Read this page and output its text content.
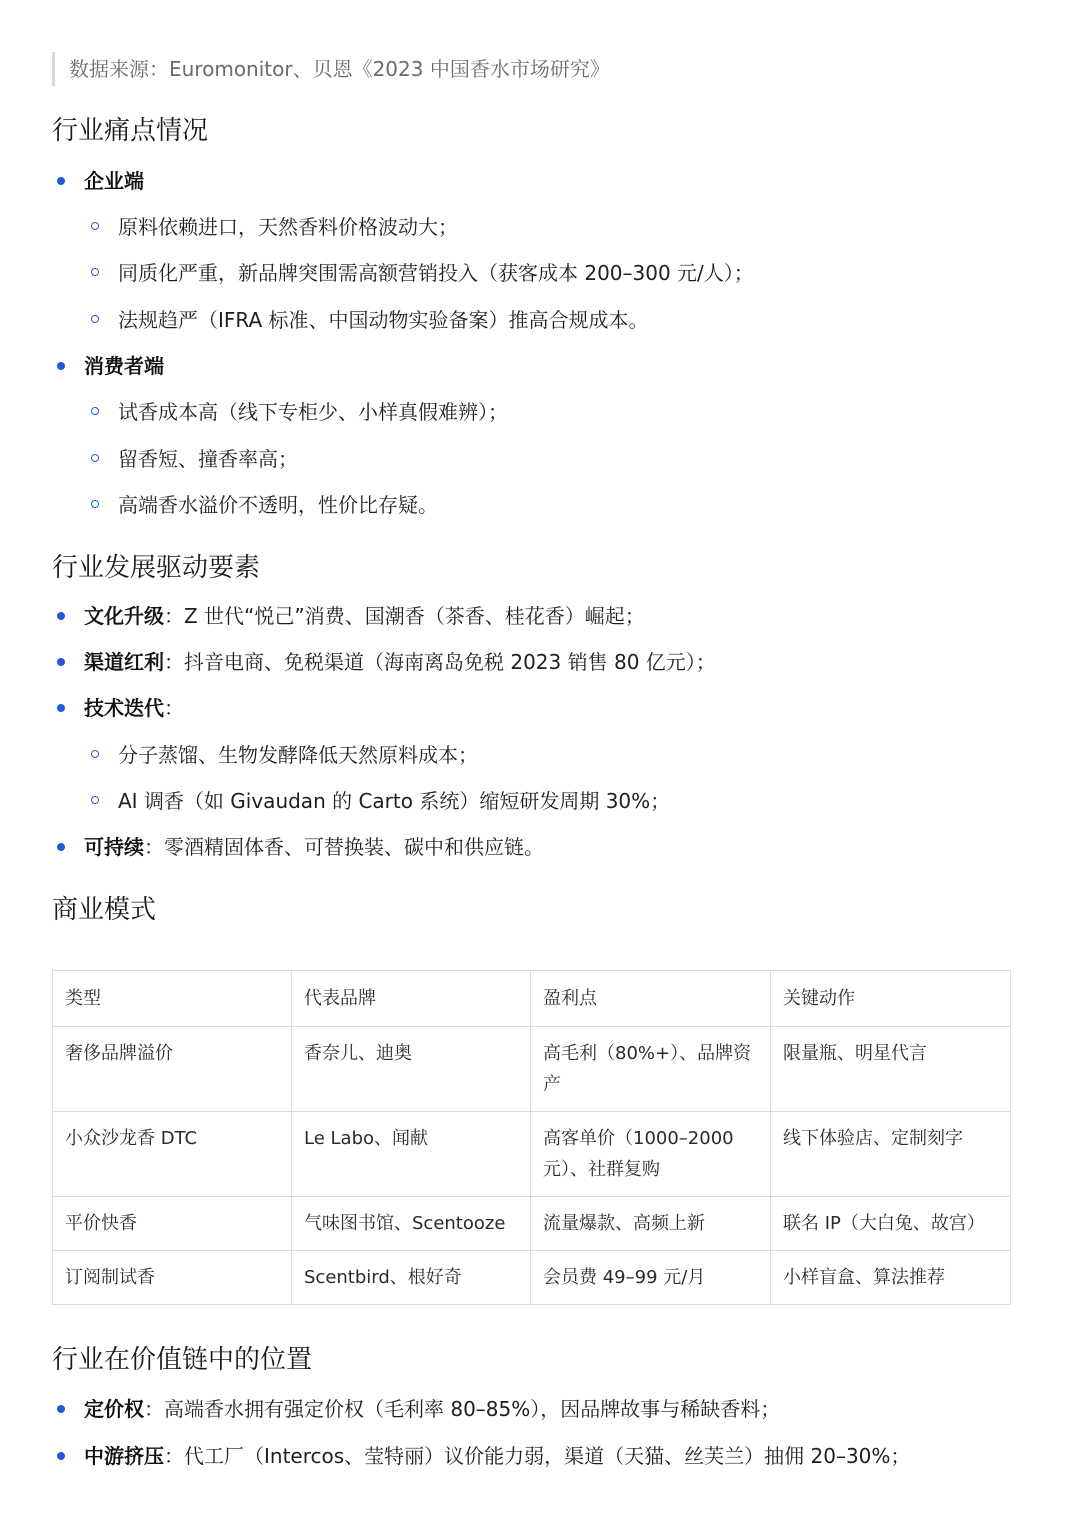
数据来源：Euromonitor、贝恩《2023 中国香水市场研究》
行业痛点情况
企业端
原料依赖进口，天然香料价格波动大；
同质化严重，新品牌突围需高额营销投入（获客成本 200–300 元/人）；
法规趋严（IFRA 标准、中国动物实验备案）推高合规成本。
消费者端
试香成本高（线下专柜少、小样真假难辨）；
留香短、撞香率高；
高端香水溢价不透明，性价比存疑。
行业发展驱动要素
文化升级：Z 世代“悦己”消费、国潮香（茶香、桂花香）崛起；
渠道红利：抖音电商、免税渠道（海南离岛免税 2023 销售 80 亿元）；
技术迭代：
分子蒸馏、生物发酵降低天然原料成本；
AI 调香（如 Givaudan 的 Carto 系统）缩短研发周期 30%；
可持续：零酒精固体香、可替换装、碳中和供应链。
商业模式
类型	代表品牌	盈利点	关键动作
奢侈品牌溢价	香奈儿、迪奥	高毛利（80%+）、品牌资产	限量瓶、明星代言
小众沙龙香 DTC	Le Labo、闻献	高客单价（1000–2000 元）、社群复购	线下体验店、定制刻字
平价快香	气味图书馆、Scentooze	流量爆款、高频上新	联名 IP（大白兔、故宫）
订阅制试香	Scentbird、根好奇	会员费 49–99 元/月	小样盲盒、算法推荐
行业在价值链中的位置
定价权：高端香水拥有强定价权（毛利率 80–85%），因品牌故事与稀缺香料；
中游挤压：代工厂（Intercos、莹特丽）议价能力弱，渠道（天猫、丝芙兰）抽佣 20–30%；
